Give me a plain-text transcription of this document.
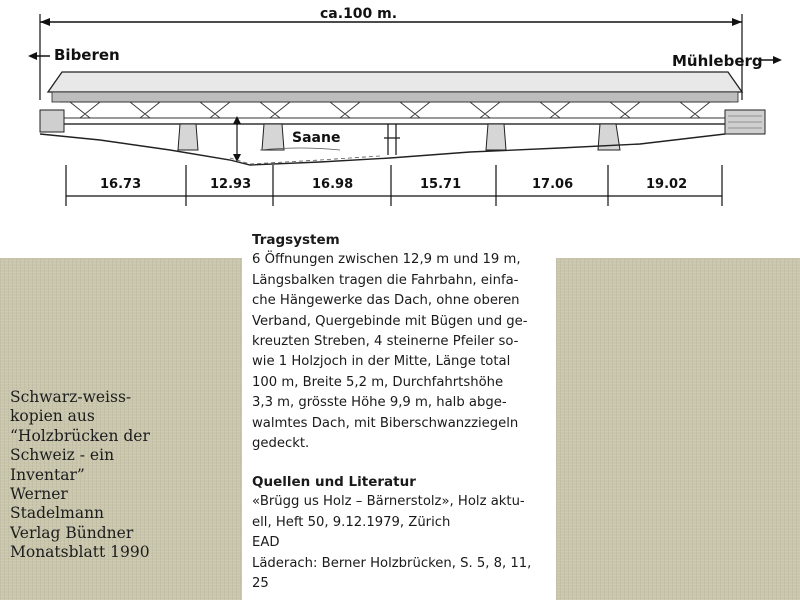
ca.100 m.
Biberen	Mühleberg
Saane
16.73	12.93	16.98	15.71	17.06	19.02
Schwarz-weiss-
kopien aus
“Holzbrücken der
Schweiz - ein
Inventar”
Werner
Stadelmann
Verlag Bündner
Monatsblatt 1990
Tragsystem
6 Öffnungen zwischen 12,9 m und 19 m,
Längsbalken tragen die Fahrbahn, einfa-
che Hängewerke das Dach, ohne oberen
Verband, Quergebinde mit Bügen und ge-
kreuzten Streben, 4 steinerne Pfeiler so-
wie 1 Holzjoch in der Mitte, Länge total
100 m, Breite 5,2 m, Durchfahrtshöhe
3,3 m, grösste Höhe 9,9 m, halb abge-
walmtes Dach, mit Biberschwanzziegeln
gedeckt.
Quellen und Literatur
«Brügg us Holz – Bärnerstolz», Holz aktu-
ell, Heft 50, 9.12.1979, Zürich
EAD
Läderach: Berner Holzbrücken, S. 5, 8, 11,
25
